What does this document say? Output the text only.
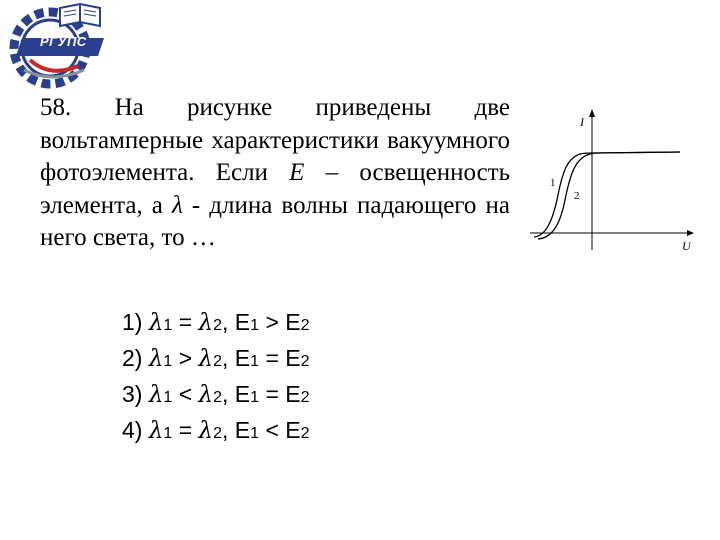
РГУПС

58. На рисунке приведены две вольтамперные характеристики вакуумного фотоэлемента. Если E – освещенность элемента, а λ - длина волны падающего на него света, то …

1) λ1 = λ2, E1 > E2
2) λ1 > λ2, E1 = E2
3) λ1 < λ2, E1 = E2
4) λ1 = λ2, E1 < E2
I
U
1
2
